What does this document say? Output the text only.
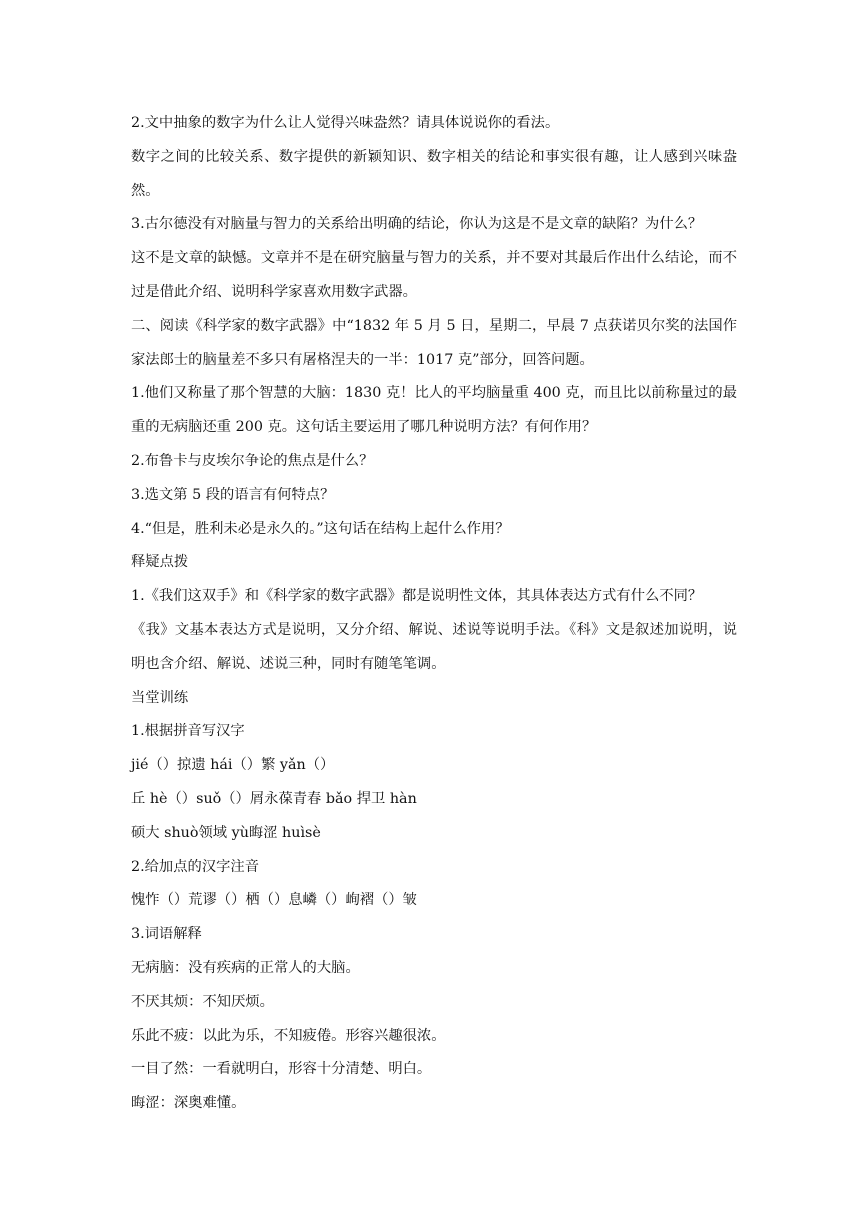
2.文中抽象的数字为什么让人觉得兴味盎然？请具体说说你的看法。

数字之间的比较关系、数字提供的新颖知识、数字相关的结论和事实很有趣，让人感到兴味盎然。

3.古尔德没有对脑量与智力的关系给出明确的结论，你认为这是不是文章的缺陷？为什么？

这不是文章的缺憾。文章并不是在研究脑量与智力的关系，并不要对其最后作出什么结论，而不过是借此介绍、说明科学家喜欢用数字武器。

二、阅读《科学家的数字武器》中“1832 年 5 月 5 日，星期二，早晨 7 点获诺贝尔奖的法国作家法郎士的脑量差不多只有屠格涅夫的一半：1017 克”部分，回答问题。

1.他们又称量了那个智慧的大脑：1830 克！比人的平均脑量重 400 克，而且比以前称量过的最重的无病脑还重 200 克。这句话主要运用了哪几种说明方法？有何作用？

2.布鲁卡与皮埃尔争论的焦点是什么？

3.选文第 5 段的语言有何特点？

4.“但是，胜利未必是永久的。”这句话在结构上起什么作用？

释疑点拨

1.《我们这双手》和《科学家的数字武器》都是说明性文体，其具体表达方式有什么不同？

《我》文基本表达方式是说明，又分介绍、解说、述说等说明手法。《科》文是叙述加说明，说明也含介绍、解说、述说三种，同时有随笔笔调。

当堂训练

1.根据拼音写汉字

jié（）掠遗 hái（）繁 yǎn（）

丘 hè（）suǒ（）屑永葆青春 bǎo 捍卫 hàn

硕大 shuò领域 yù晦涩 huìsè

2.给加点的汉字注音

愧怍（）荒谬（）栖（）息嶙（）峋褶（）皱

3.词语解释

无病脑：没有疾病的正常人的大脑。

不厌其烦：不知厌烦。

乐此不疲：以此为乐，不知疲倦。形容兴趣很浓。

一目了然：一看就明白，形容十分清楚、明白。

晦涩：深奥难懂。
